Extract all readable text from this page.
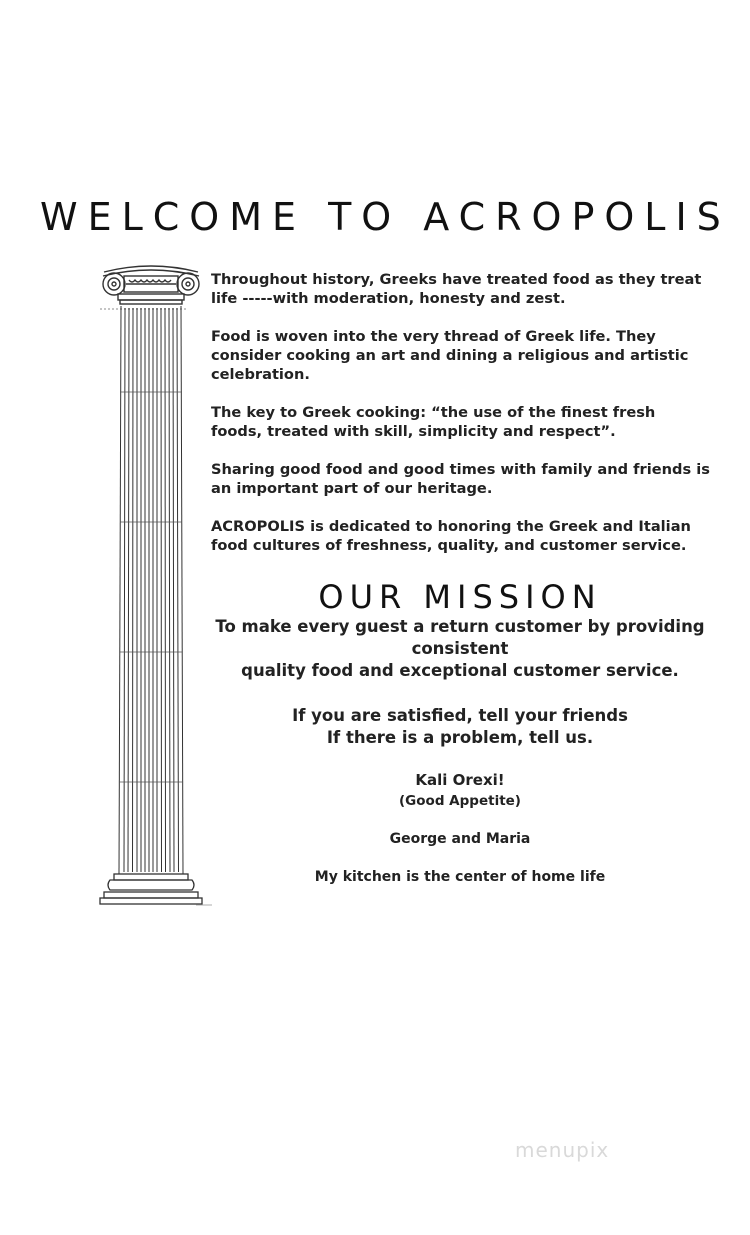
WELCOME TO ACROPOLIS

Throughout history, Greeks have treated food as they treat life -----with moderation, honesty and zest.

Food is woven into the very thread of Greek life. They consider cooking an art and dining a religious and artistic celebration.

The key to Greek cooking: “the use of the finest fresh foods, treated with skill, simplicity and respect”.

Sharing good food and good times with family and friends is an important part of our heritage.

ACROPOLIS is dedicated to honoring the Greek and Italian food cultures of freshness, quality, and customer service.

OUR MISSION
To make every guest a return customer by providing consistent
quality food and exceptional customer service.
If you are satisfied, tell your friends
If there is a problem, tell us.
Kali Orexi!
(Good Appetite)
George and Maria
My kitchen is the center of home life
menupix
